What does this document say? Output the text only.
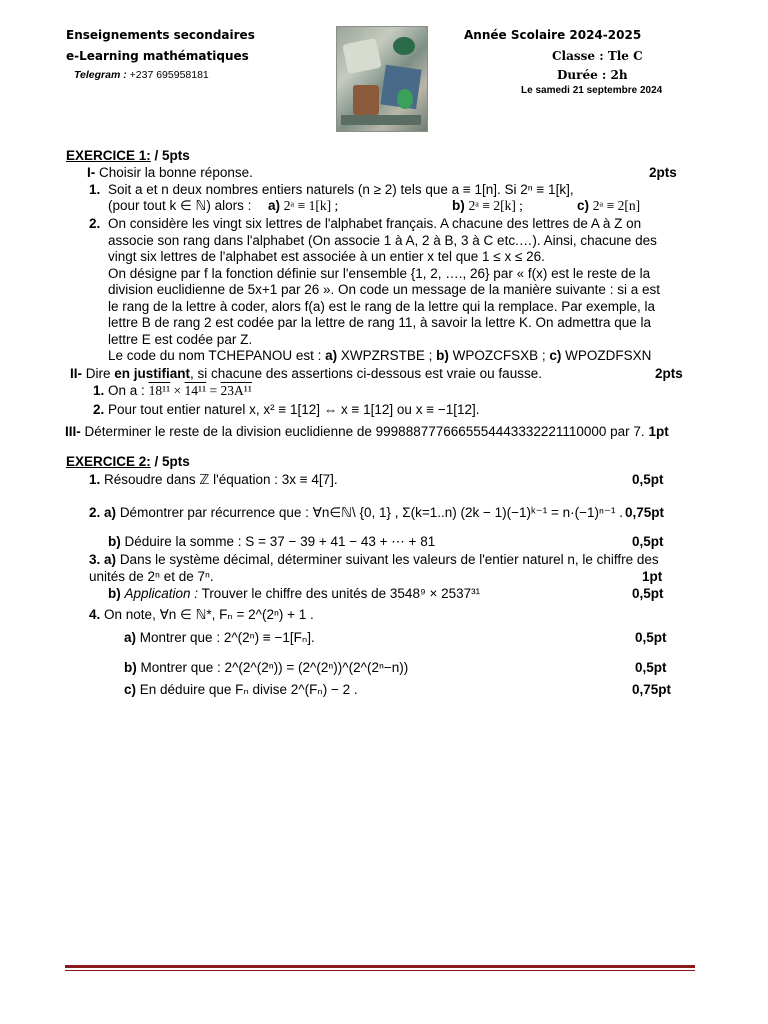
Enseignements secondaires
e-Learning mathématiques
Telegram : +237 695958181
Année Scolaire 2024-2025
Classe : Tle C
Durée : 2h
Le samedi 21 septembre 2024
EXERCICE 1: / 5pts
I- Choisir la bonne réponse.	2pts
1. Soit a et n deux nombres entiers naturels (n ≥ 2) tels que a ≡ 1[n]. Si 2ⁿ ≡ 1[k],
(pour tout k ∈ ℕ) alors : a) 2ᵃ ≡ 1[k] ;	b) 2ᵃ ≡ 2[k] ;	c) 2ᵃ ≡ 2[n]
2. On considère les vingt six lettres de l'alphabet français. A chacune des lettres de A à Z on
associe son rang dans l'alphabet (On associe 1 à A, 2 à B, 3 à C etc.…). Ainsi, chacune des
vingt six lettres de l'alphabet est associée à un entier x tel que 1 ≤ x ≤ 26.
On désigne par f la fonction définie sur l'ensemble {1, 2, …., 26} par « f(x) est le reste de la
division euclidienne de 5x+1 par 26 ». On code un message de la manière suivante : si a est
le rang de la lettre à coder, alors f(a) est le rang de la lettre qui la remplace. Par exemple, la
lettre B de rang 2 est codée par la lettre de rang 11, à savoir la lettre K. On admettra que la
lettre E est codée par Z.
Le code du nom TCHEPANOU est : a) XWPZRSTBE ; b) WPOZCFSXB ; c) WPOZDFSXN
II- Dire en justifiant, si chacune des assertions ci-dessous est vraie ou fausse.	2pts
1. On a : 18¹¹ × 14¹¹ = 23A¹¹
2. Pour tout entier naturel x, x² ≡ 1[12] ⇔ x ≡ 1[12] ou x ≡ −1[12].
III- Déterminer le reste de la division euclidienne de 9998887776665554443332221110000 par 7. 1pt
EXERCICE 2: / 5pts
1. Résoudre dans ℤ l'équation : 3x ≡ 4[7].	0,5pt
2. a) Démontrer par récurrence que : ∀n∈ℕ\ {0, 1} , Σ(k=1..n) (2k − 1)(−1)ᵏ⁻¹ = n·(−1)ⁿ⁻¹ . 0,75pt
b) Déduire la somme : S = 37 − 39 + 41 − 43 + ⋯ + 81	0,5pt
3. a) Dans le système décimal, déterminer suivant les valeurs de l'entier naturel n, le chiffre des
unités de 2ⁿ et de 7ⁿ.	1pt
b) Application : Trouver le chiffre des unités de 3548⁹ × 2537³¹	0,5pt
4. On note, ∀n ∈ ℕ*, Fₙ = 2^(2ⁿ) + 1 .
a) Montrer que : 2^(2ⁿ) ≡ −1[Fₙ].	0,5pt
b) Montrer que : 2^(2^(2ⁿ)) = (2^(2ⁿ))^(2^(2ⁿ−n))	0,5pt
c) En déduire que Fₙ divise 2^(Fₙ) − 2 .	0,75pt
